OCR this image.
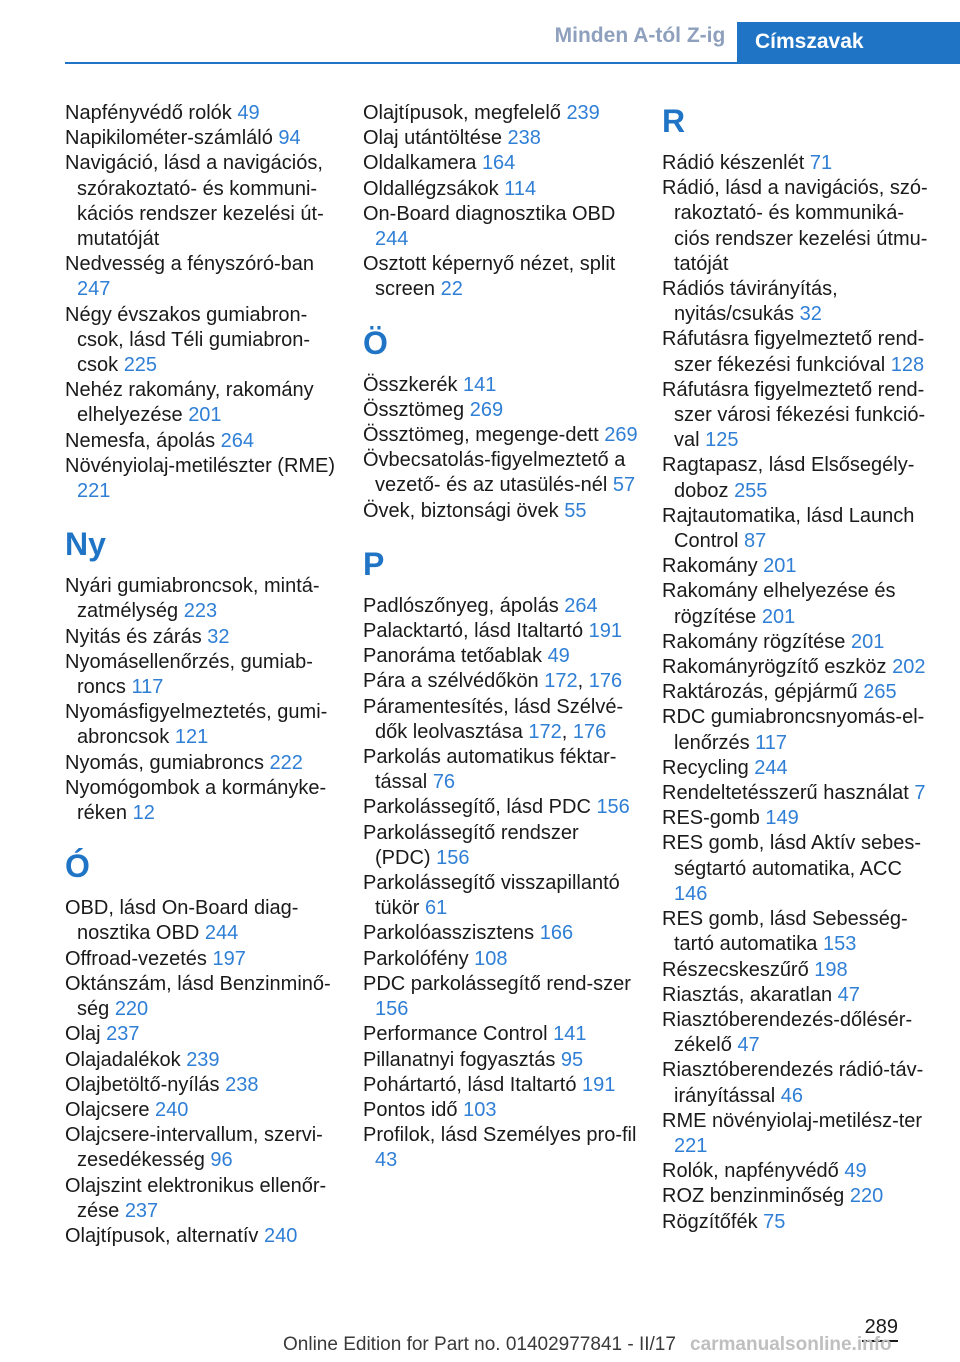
Minden A-tól Z-ig	Címszavak

Napfényvédő rolók 49

Napikilométer-számláló 94

Navigáció, lásd a navigációs, szórakoztató- és kommuni‐kációs rendszer kezelési út‐mutatóját

Nedvesség a fényszóró‐ban 247

Négy évszakos gumiabron‐csok, lásd Téli gumiabron‐csok 225

Nehéz rakomány, rakomány elhelyezése 201

Nemesfa, ápolás 264

Növényiolaj-metilészter (RME) 221

Ny

Nyári gumiabroncsok, mintá‐zatmélység 223

Nyitás és zárás 32

Nyomásellenőrzés, gumiab‐roncs 117

Nyomásfigyelmeztetés, gumi‐abroncsok 121

Nyomás, gumiabroncs 222

Nyomógombok a kormányke‐réken 12

Ó

OBD, lásd On-Board diag‐nosztika OBD 244

Offroad-vezetés 197

Oktánszám, lásd Benzinminő‐ség 220

Olaj 237

Olajadalékok 239

Olajbetöltő-nyílás 238

Olajcsere 240

Olajcsere-intervallum, szervi‐zesedékesség 96

Olajszint elektronikus ellenőr‐zése 237

Olajtípusok, alternatív 240

Olajtípusok, megfelelő 239

Olaj utántöltése 238

Oldalkamera 164

Oldallégzsákok 114

On-Board diagnosztika OBD 244

Osztott képernyő nézet, split screen 22

Ö

Összkerék 141

Össztömeg 269

Össztömeg, megenge‐dett 269

Övbecsatolás-figyelmeztető a vezető- és az utasülés‐nél 57

Övek, biztonsági övek 55

P

Padlószőnyeg, ápolás 264

Palacktartó, lásd Italtartó 191

Panoráma tetőablak 49

Pára a szélvédőkön 172, 176

Páramentesítés, lásd Szélvé‐dők leolvasztása 172, 176

Parkolás automatikus féktar‐tással 76

Parkolássegítő, lásd PDC 156

Parkolássegítő rendszer (PDC) 156

Parkolássegítő visszapillantó tükör 61

Parkolóasszisztens 166

Parkolófény 108

PDC parkolássegítő rend‐szer 156

Performance Control 141

Pillanatnyi fogyasztás 95

Pohártartó, lásd Italtartó 191

Pontos idő 103

Profilok, lásd Személyes pro‐fil 43

R

Rádió készenlét 71

Rádió, lásd a navigációs, szó‐rakoztató- és kommuniká‐ciós rendszer kezelési útmu‐tatóját

Rádiós távirányítás, nyitás/csukás 32

Ráfutásra figyelmeztető rend‐szer fékezési funkcióval 128

Ráfutásra figyelmeztető rend‐szer városi fékezési funkció‐val 125

Ragtapasz, lásd Elsősegély-doboz 255

Rajtautomatika, lásd Launch Control 87

Rakomány 201

Rakomány elhelyezése és rögzítése 201

Rakomány rögzítése 201

Rakományrögzítő eszköz 202

Raktározás, gépjármű 265

RDC gumiabroncsnyomás-el‐lenőrzés 117

Recycling 244

Rendeltetésszerű használat 7

RES-gomb 149

RES gomb, lásd Aktív sebes‐ségtartó automatika, ACC 146

RES gomb, lásd Sebesség‐tartó automatika 153

Részecskeszűrő 198

Riasztás, akaratlan 47

Riasztóberendezés-dőlésér‐zékelő 47

Riasztóberendezés rádió-táv‐irányítással 46

RME növényiolaj-metilész‐ter 221

Rolók, napfényvédő 49

ROZ benzinminőség 220

Rögzítőfék 75

289
Online Edition for Part no. 01402977841 - II/17 carmanualsonline.info
